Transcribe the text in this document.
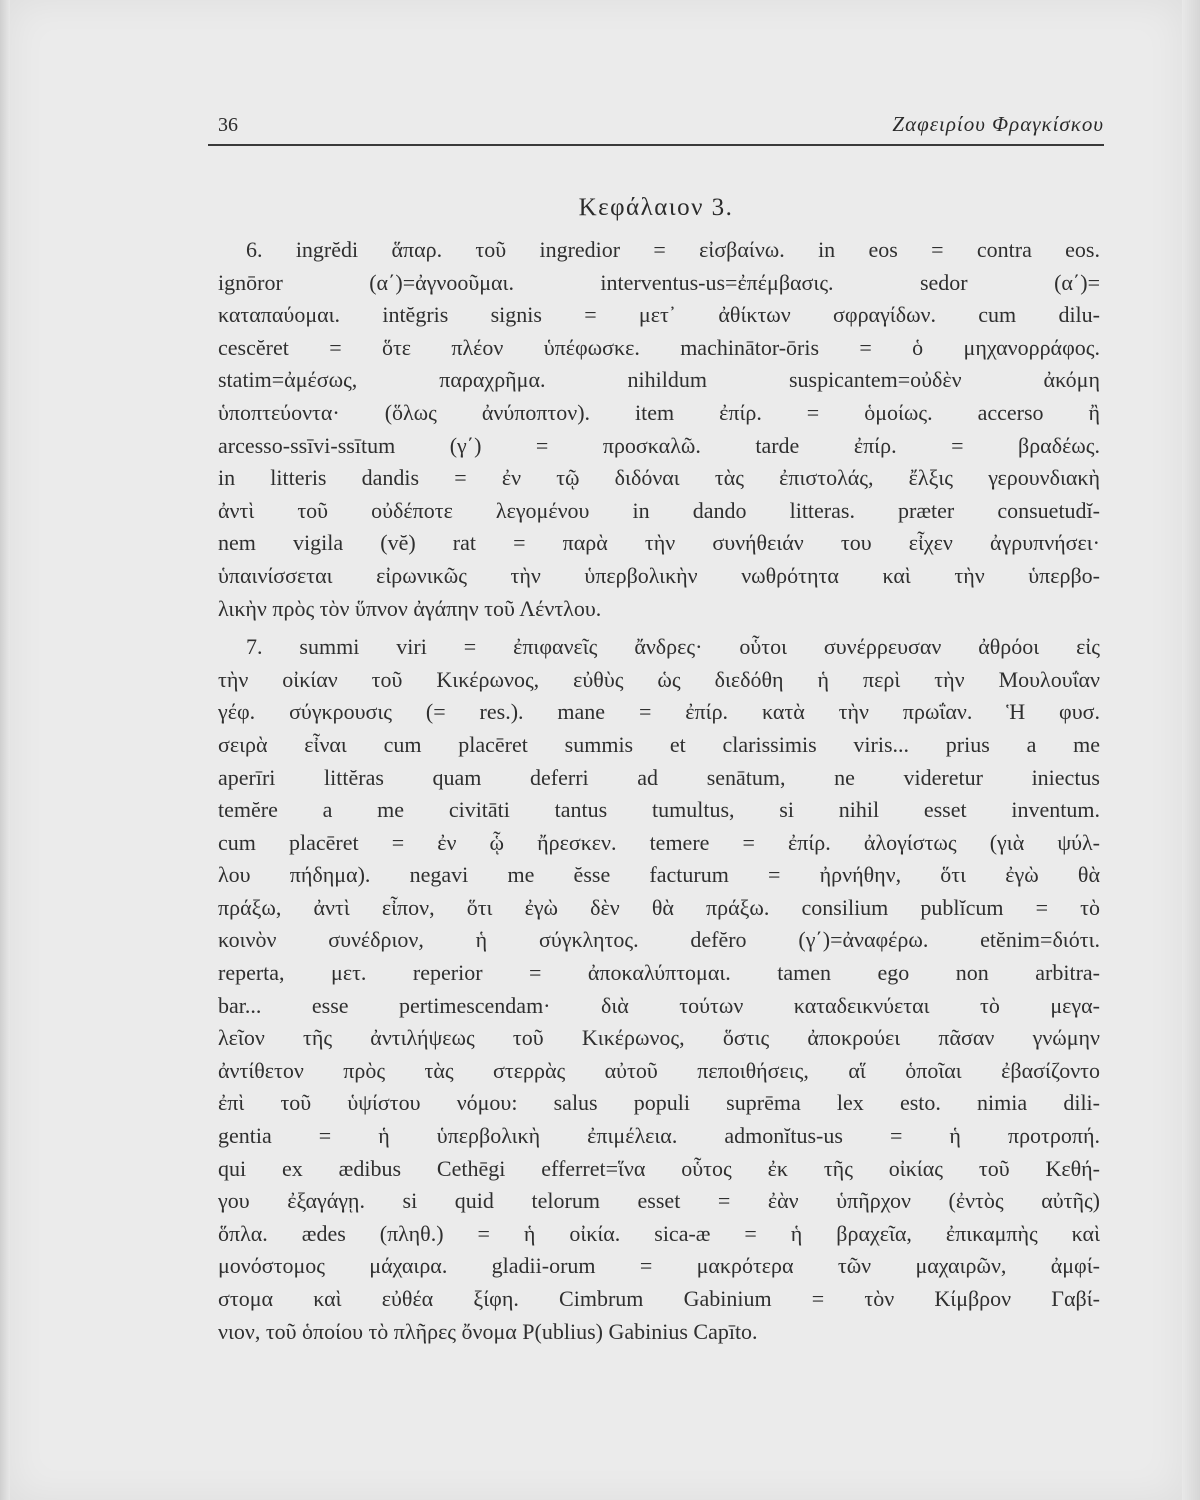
36	Ζαφειρίου Φραγκίσκου
Κεφάλαιον 3.
6. ingrĕdi ἅπαρ. τοῦ ingredior = εἰσβαίνω. in eos = contra eos.
ignōror (α΄)=ἀγνοοῦμαι. interventus-us=ἐπέμβασις. sedor (α΄)=
καταπαύομαι. intĕgris signis = μετ᾽ ἀθίκτων σφραγίδων. cum dilu-
cescĕret = ὅτε πλέον ὑπέφωσκε. machinātor-ōris = ὁ μηχανορράφος.
statim=ἀμέσως, παραχρῆμα. nihildum suspicantem=οὐδὲν ἀκόμη
ὑποπτεύοντα· (ὅλως ἀνύποπτον). item ἐπίρ. = ὁμοίως. accerso ἢ
arcesso-ssīvi-ssītum (γ΄) = προσκαλῶ. tarde ἐπίρ. = βραδέως.
in litteris dandis = ἐν τῷ διδόναι τὰς ἐπιστολάς, ἔλξις γερουνδιακὴ
ἀντὶ τοῦ οὐδέποτε λεγομένου in dando litteras. præter consuetudĭ-
nem vigila (vĕ) rat = παρὰ τὴν συνήθειάν του εἶχεν ἀγρυπνήσει·
ὑπαινίσσεται εἰρωνικῶς τὴν ὑπερβολικὴν νωθρότητα καὶ τὴν ὑπερβο-
λικὴν πρὸς τὸν ὕπνον ἀγάπην τοῦ Λέντλου.
7. summi viri = ἐπιφανεῖς ἄνδρες· οὗτοι συνέρρευσαν ἀθρόοι εἰς
τὴν οἰκίαν τοῦ Κικέρωνος, εὐθὺς ὡς διεδόθη ἡ περὶ τὴν Μουλουΐαν
γέφ. σύγκρουσις (= res.). mane = ἐπίρ. κατὰ τὴν πρωΐαν. Ἡ φυσ.
σειρὰ εἶναι cum placēret summis et clarissimis viris... prius a me
aperīri littĕras quam deferri ad senātum, ne videretur iniectus
temĕre a me civitāti tantus tumultus, si nihil esset inventum.
cum placēret = ἐν ᾧ ἤρεσκεν. temere = ἐπίρ. ἀλογίστως (γιὰ ψύλ-
λου πήδημα). negavi me ĕsse facturum = ἠρνήθην, ὅτι ἐγὼ θὰ
πράξω, ἀντὶ εἶπον, ὅτι ἐγὼ δὲν θὰ πράξω. consilium publĭcum = τὸ
κοινὸν συνέδριον, ἡ σύγκλητος. defĕro (γ΄)=ἀναφέρω. etĕnim=διότι.
reperta, μετ. reperior = ἀποκαλύπτομαι. tamen ego non arbitra-
bar... esse pertimescendam· διὰ τούτων καταδεικνύεται τὸ μεγα-
λεῖον τῆς ἀντιλήψεως τοῦ Κικέρωνος, ὅστις ἀποκρούει πᾶσαν γνώμην
ἀντίθετον πρὸς τὰς στερρὰς αὐτοῦ πεποιθήσεις, αἵ ὁποῖαι ἐβασίζοντο
ἐπὶ τοῦ ὑψίστου νόμου: salus populi suprēma lex esto. nimia dili-
gentia = ἡ ὑπερβολικὴ ἐπιμέλεια. admonĭtus-us = ἡ προτροπή.
qui ex ædibus Cethēgi efferret=ἵνα οὗτος ἐκ τῆς οἰκίας τοῦ Κεθή-
γου ἐξαγάγῃ. si quid telorum esset = ἐὰν ὑπῆρχον (ἐντὸς αὐτῆς)
ὅπλα. ædes (πληθ.) = ἡ οἰκία. sica-æ = ἡ βραχεῖα, ἐπικαμπὴς καὶ
μονόστομος μάχαιρα. gladii-orum = μακρότερα τῶν μαχαιρῶν, ἀμφί-
στομα καὶ εὐθέα ξίφη. Cimbrum Gabinium = τὸν Κίμβρον Γαβί-
νιον, τοῦ ὁποίου τὸ πλῆρες ὄνομα P(ublius) Gabinius Capīto.
